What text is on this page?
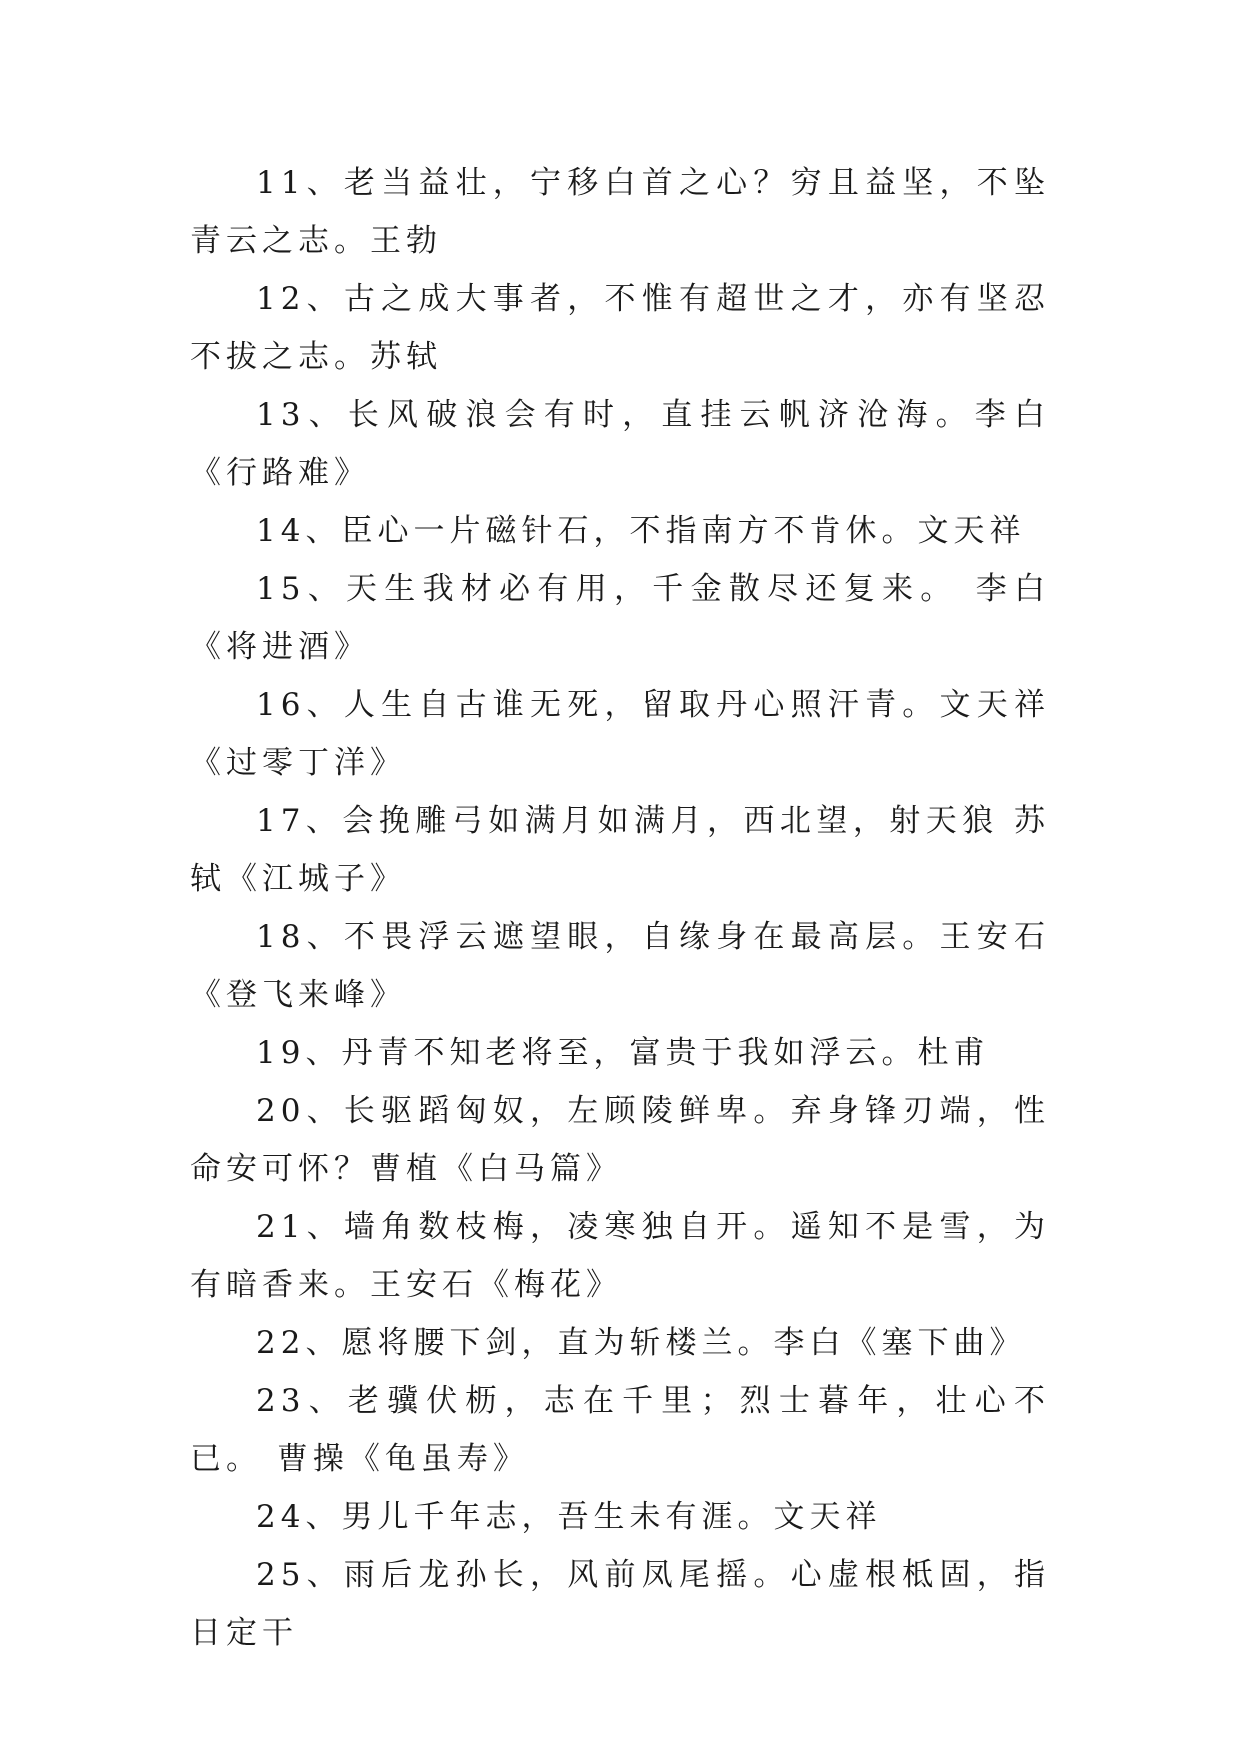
11、老当益壮，宁移白首之心？穷且益坚，不坠青云之志。王勃

12、古之成大事者，不惟有超世之才，亦有坚忍不拔之志。苏轼

13、长风破浪会有时，直挂云帆济沧海。李白《行路难》

14、臣心一片磁针石，不指南方不肯休。文天祥

15、天生我材必有用，千金散尽还复来。 李白《将进酒》

16、人生自古谁无死，留取丹心照汗青。文天祥《过零丁洋》

17、会挽雕弓如满月如满月，西北望，射天狼 苏轼《江城子》

18、不畏浮云遮望眼，自缘身在最高层。王安石《登飞来峰》

19、丹青不知老将至，富贵于我如浮云。杜甫

20、长驱蹈匈奴，左顾陵鲜卑。弃身锋刃端，性命安可怀？曹植《白马篇》

21、墙角数枝梅，凌寒独自开。遥知不是雪，为有暗香来。王安石《梅花》

22、愿将腰下剑，直为斩楼兰。李白《塞下曲》

23、老骥伏枥，志在千里；烈士暮年，壮心不已。 曹操《龟虽寿》

24、男儿千年志，吾生未有涯。文天祥

25、雨后龙孙长，风前凤尾摇。心虚根柢固，指日定干
